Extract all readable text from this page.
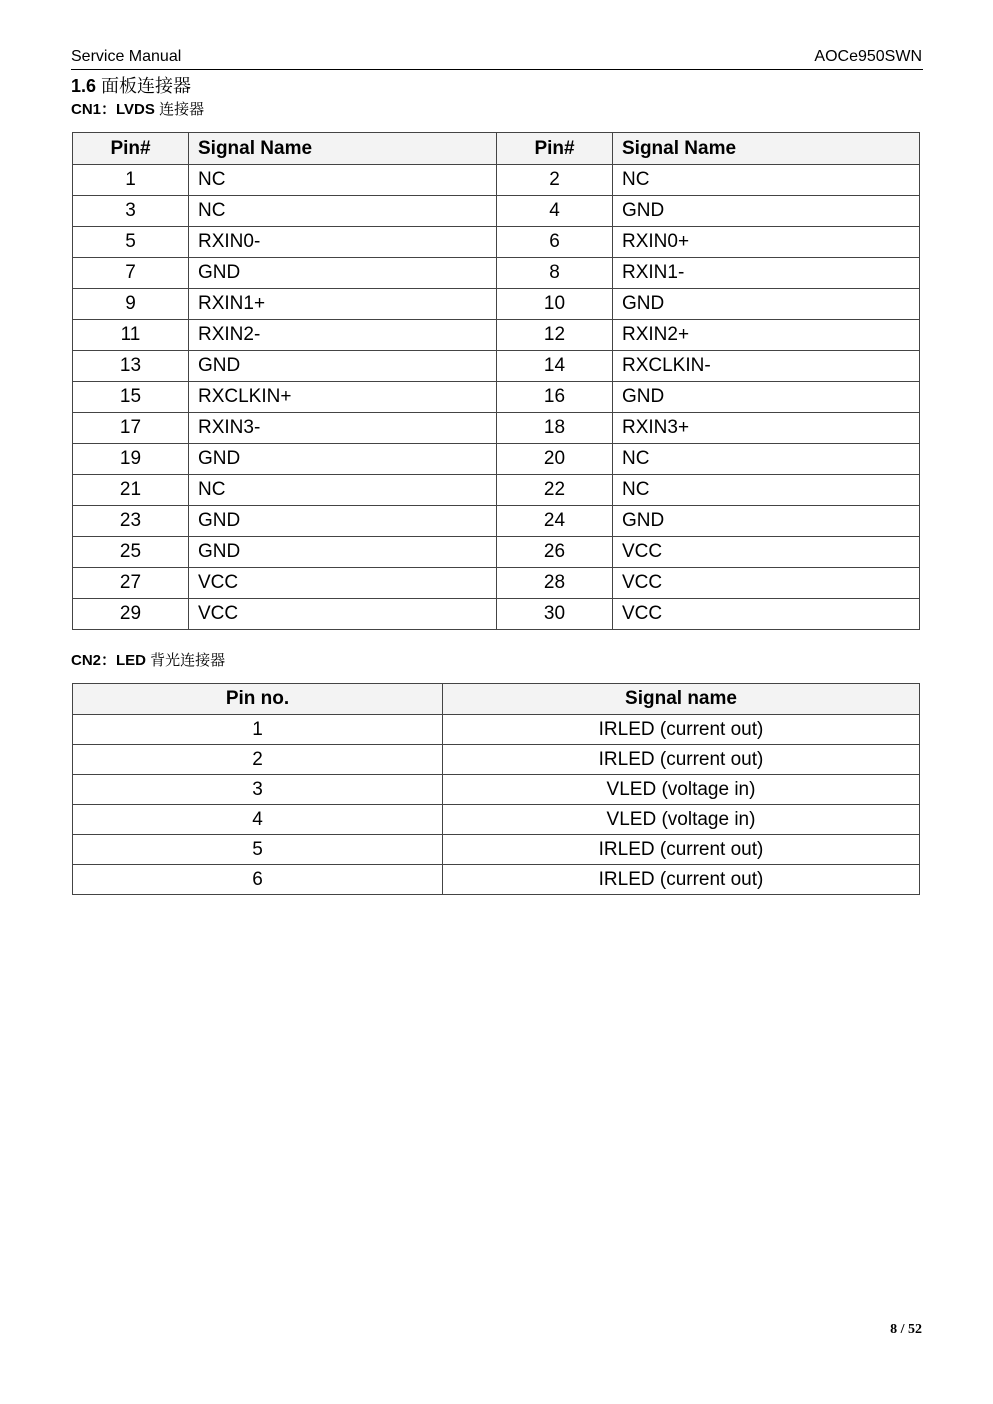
Service Manual	AOCe950SWN
1.6 面板连接器
CN1：LVDS 连接器
Pin#	Signal Name	Pin#	Signal Name
1	NC	2	NC
3	NC	4	GND
5	RXIN0-	6	RXIN0+
7	GND	8	RXIN1-
9	RXIN1+	10	GND
11	RXIN2-	12	RXIN2+
13	GND	14	RXCLKIN-
15	RXCLKIN+	16	GND
17	RXIN3-	18	RXIN3+
19	GND	20	NC
21	NC	22	NC
23	GND	24	GND
25	GND	26	VCC
27	VCC	28	VCC
29	VCC	30	VCC
CN2：LED 背光连接器
Pin no.	Signal name
1	IRLED (current out)
2	IRLED (current out)
3	VLED (voltage in)
4	VLED (voltage in)
5	IRLED (current out)
6	IRLED (current out)
8 / 52
